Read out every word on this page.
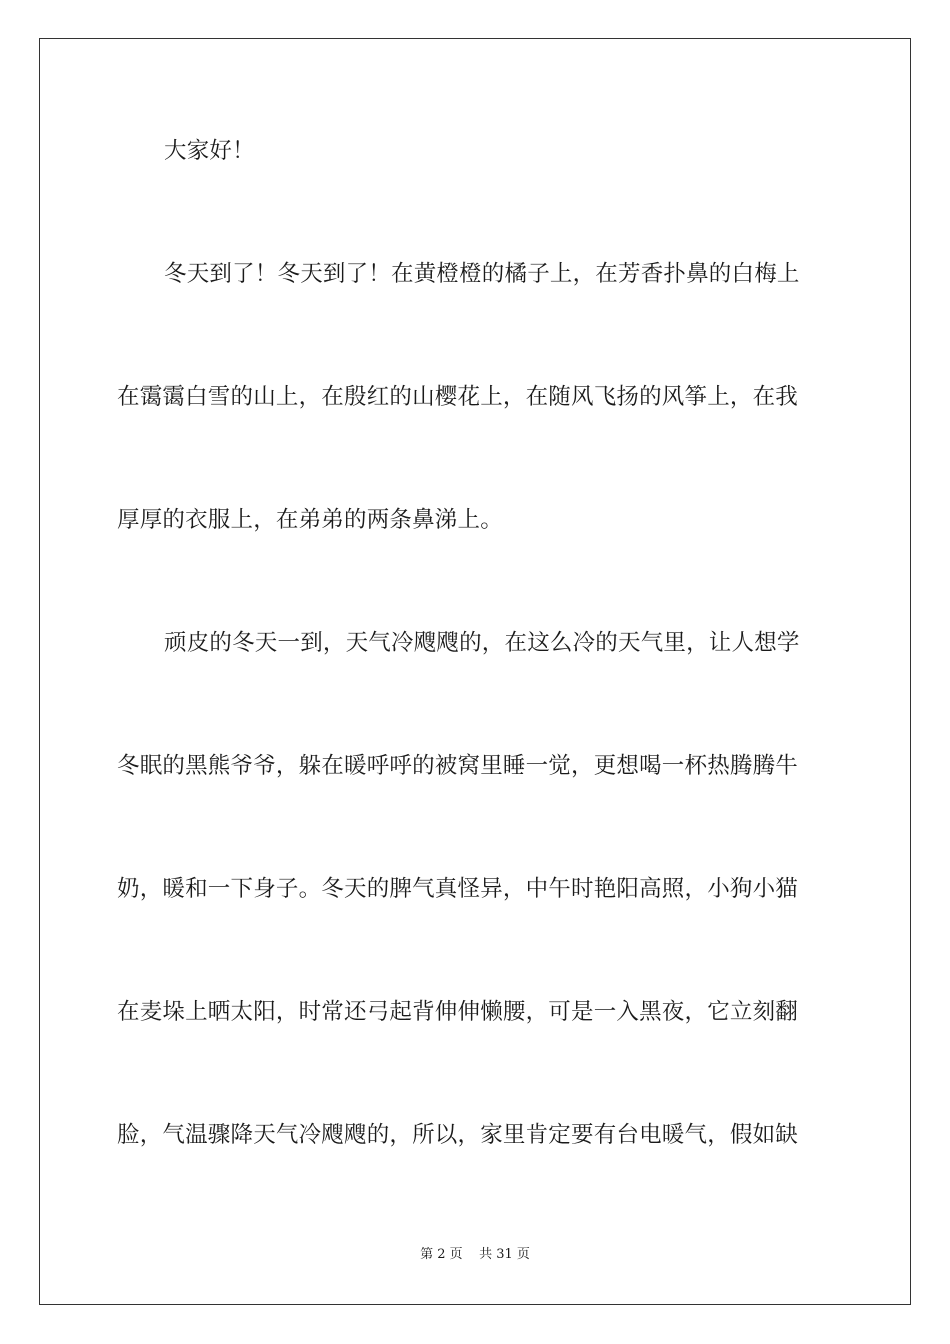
大家好！
冬天到了！冬天到了！在黄橙橙的橘子上，在芳香扑鼻的白梅上
在霭霭白雪的山上，在殷红的山樱花上，在随风飞扬的风筝上，在我
厚厚的衣服上，在弟弟的两条鼻涕上。
顽皮的冬天一到，天气冷飕飕的，在这么冷的天气里，让人想学
冬眠的黑熊爷爷，躲在暖呼呼的被窝里睡一觉，更想喝一杯热腾腾牛
奶，暖和一下身子。冬天的脾气真怪异，中午时艳阳高照，小狗小猫
在麦垛上晒太阳，时常还弓起背伸伸懒腰，可是一入黑夜，它立刻翻
脸，气温骤降天气冷飕飕的，所以，家里肯定要有台电暖气，假如缺
第 2 页    共 31 页
